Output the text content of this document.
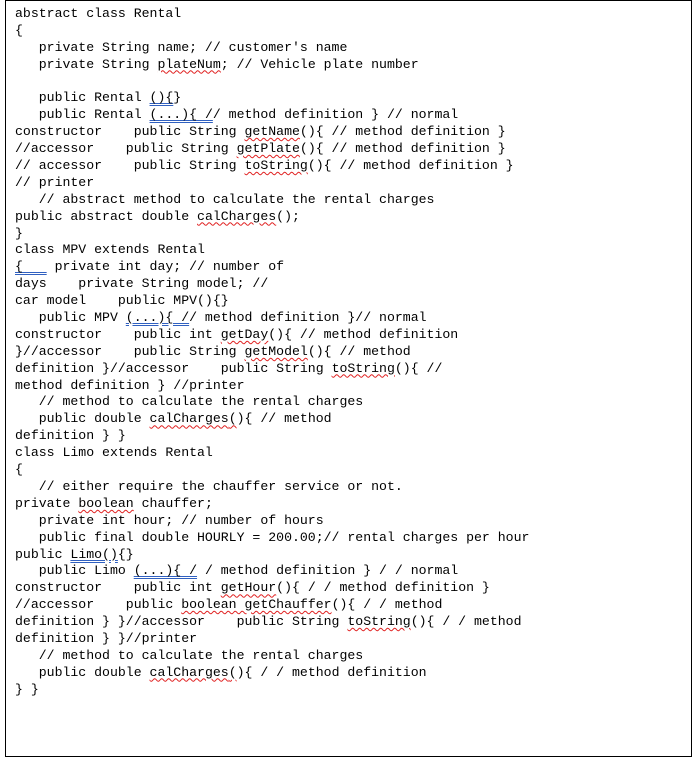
abstract class Rental
{
private String name; // customer's name
private String plateNum; // Vehicle plate number
public Rental (){}
public Rental (...){ // method definition } // normal
constructor    public String getName(){ // method definition }
//accessor    public String getPlate(){ // method definition }
// accessor    public String toString(){ // method definition }
// printer
// abstract method to calculate the rental charges
public abstract double calCharges();
}
class MPV extends Rental
{    private int day; // number of
days    private String model; //
car model    public MPV(){}
public MPV (...){ // method definition }// normal
constructor    public int getDay(){ // method definition
}//accessor    public String getModel(){ // method
definition }//accessor    public String toString(){ //
method definition } //printer
// method to calculate the rental charges
public double calCharges(){ // method
definition } }
class Limo extends Rental
{
// either require the chauffer service or not.
private boolean chauffer;
private int hour; // number of hours
public final double HOURLY = 200.00;// rental charges per hour
public Limo(){}
public Limo (...){ / / method definition } / / normal
constructor    public int getHour(){ / / method definition }
//accessor    public boolean getChauffer(){ / / method
definition } }//accessor    public String toString(){ / / method
definition } }//printer
// method to calculate the rental charges
public double calCharges(){ / / method definition
} }
